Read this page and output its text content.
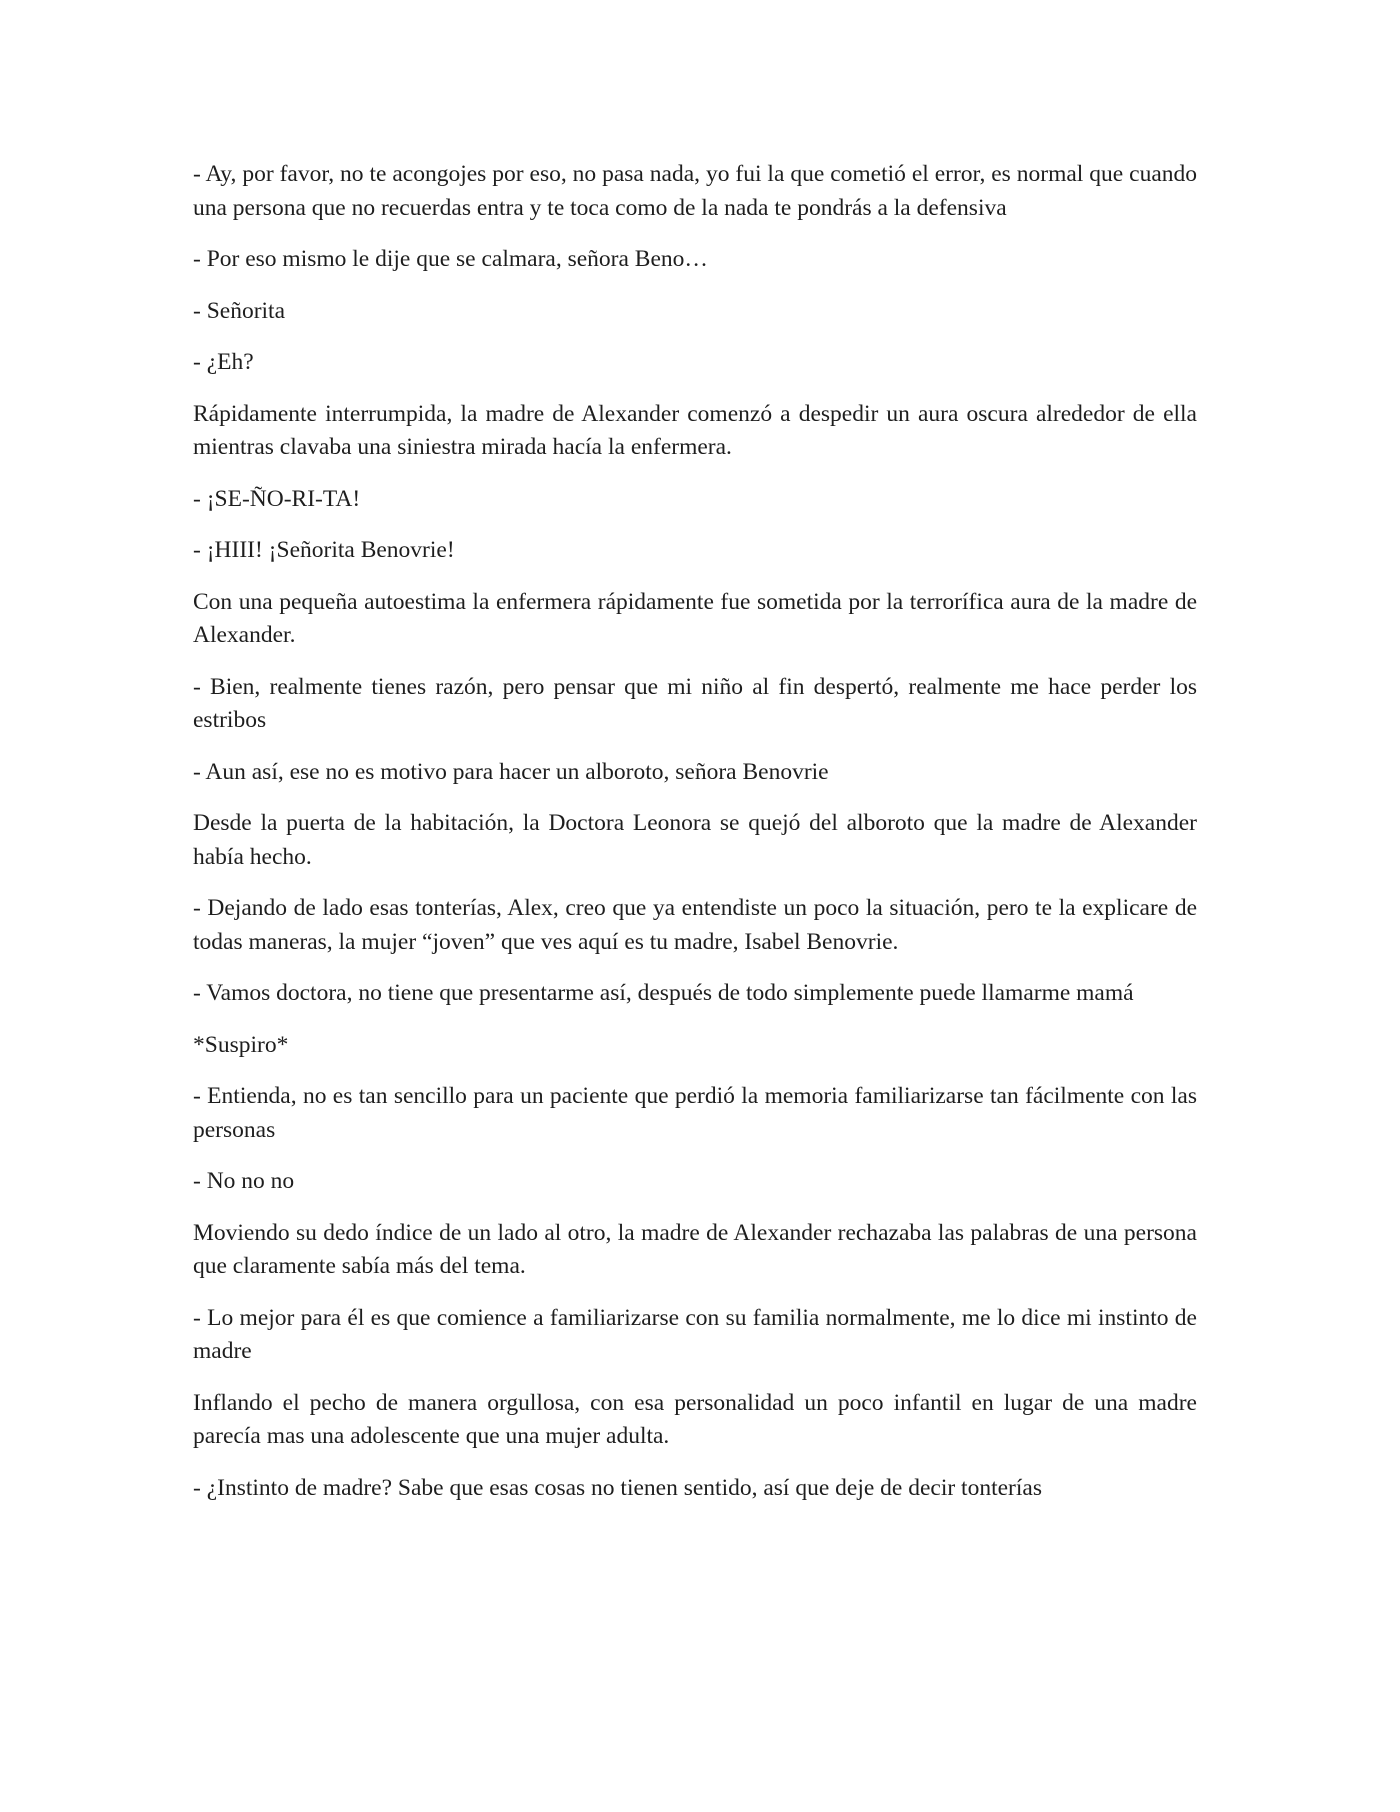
- Ay, por favor, no te acongojes por eso, no pasa nada, yo fui la que cometió el error, es normal que cuando una persona que no recuerdas entra y te toca como de la nada te pondrás a la defensiva

- Por eso mismo le dije que se calmara, señora Beno…

- Señorita

- ¿Eh?

Rápidamente interrumpida, la madre de Alexander comenzó a despedir un aura oscura alrededor de ella mientras clavaba una siniestra mirada hacía la enfermera.

- ¡SE-ÑO-RI-TA!

- ¡HIII! ¡Señorita Benovrie!

Con una pequeña autoestima la enfermera rápidamente fue sometida por la terrorífica aura de la madre de Alexander.

- Bien, realmente tienes razón, pero pensar que mi niño al fin despertó, realmente me hace perder los estribos

- Aun así, ese no es motivo para hacer un alboroto, señora Benovrie

Desde la puerta de la habitación, la Doctora Leonora se quejó del alboroto que la madre de Alexander había hecho.

- Dejando de lado esas tonterías, Alex, creo que ya entendiste un poco la situación, pero te la explicare de todas maneras, la mujer “joven” que ves aquí es tu madre, Isabel Benovrie.

- Vamos doctora, no tiene que presentarme así, después de todo simplemente puede llamarme mamá

*Suspiro*

- Entienda, no es tan sencillo para un paciente que perdió la memoria familiarizarse tan fácilmente con las personas

- No no no

Moviendo su dedo índice de un lado al otro, la madre de Alexander rechazaba las palabras de una persona que claramente sabía más del tema.

- Lo mejor para él es que comience a familiarizarse con su familia normalmente, me lo dice mi instinto de madre

Inflando el pecho de manera orgullosa, con esa personalidad un poco infantil en lugar de una madre parecía mas una adolescente que una mujer adulta.

- ¿Instinto de madre? Sabe que esas cosas no tienen sentido, así que deje de decir tonterías
